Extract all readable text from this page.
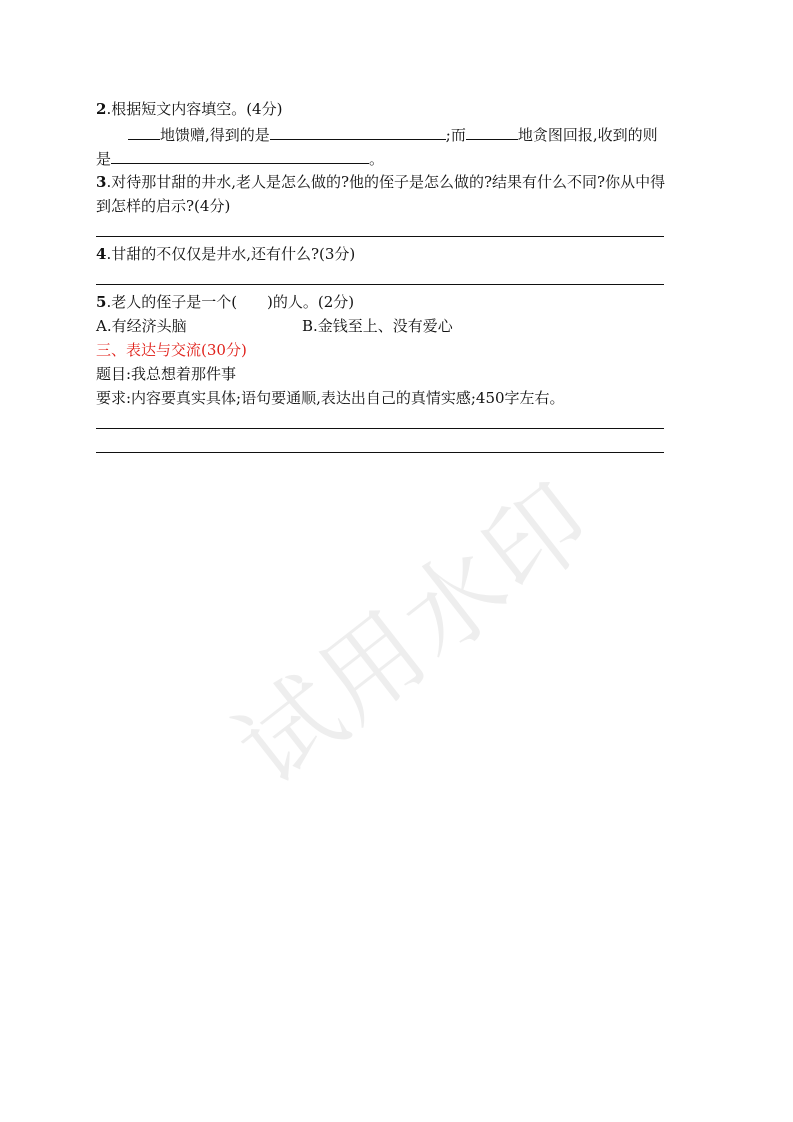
2.根据短文内容填空。(4分)
地馈赠,得到的是	;而	地贪图回报,收到的则
是	。
3.对待那甘甜的井水,老人是怎么做的?他的侄子是怎么做的?结果有什么不同?你从中得
到怎样的启示?(4分)
4.甘甜的不仅仅是井水,还有什么?(3分)
5.老人的侄子是一个(　　)的人。(2分)
A.有经济头脑	B.金钱至上、没有爱心
三、表达与交流(30分)
题目:我总想着那件事
要求:内容要真实具体;语句要通顺,表达出自己的真情实感;450字左右。
试用水印
